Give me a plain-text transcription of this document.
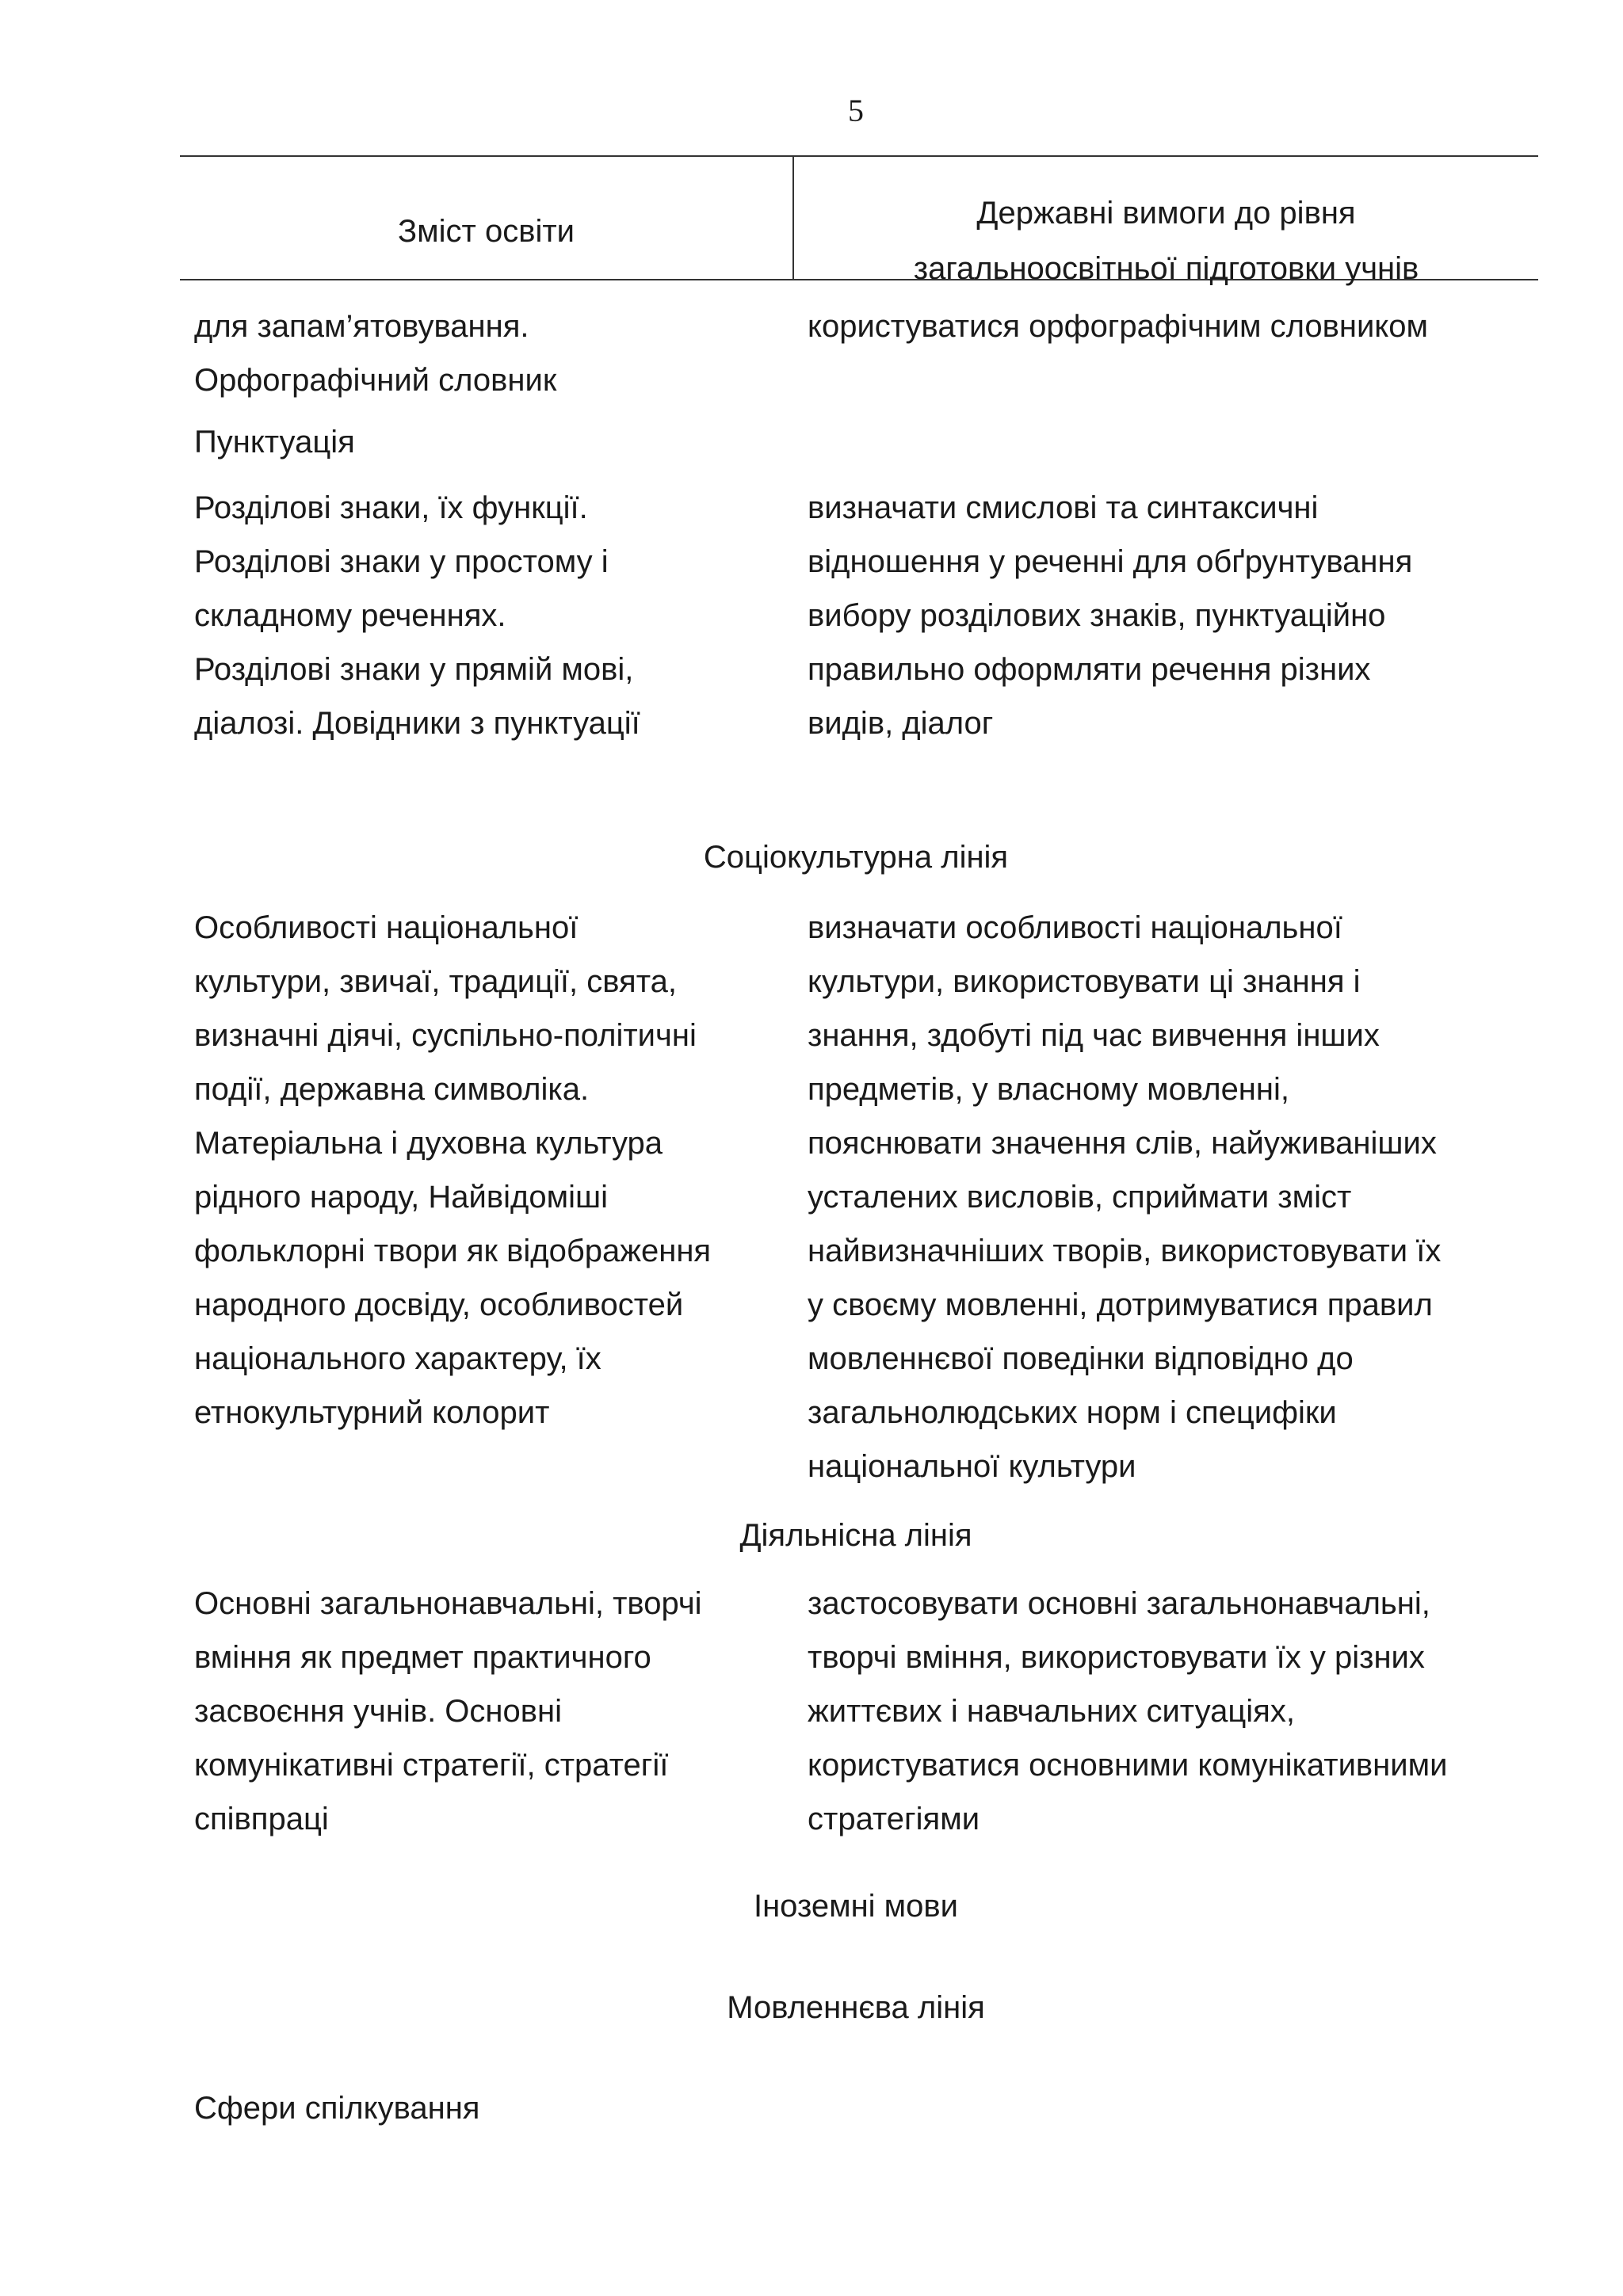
5
Зміст освіти
Державні вимоги до рівня
загальноосвітньої підготовки учнів
для запам’ятовування.
Орфографічний словник
користуватися орфографічним словником
Пунктуація
Розділові знаки, їх функції.
Розділові знаки у простому і
складному реченнях.
Розділові знаки у прямій мові,
діалозі. Довідники з пунктуації
визначати смислові та синтаксичні
відношення у реченні для обґрунтування
вибору розділових знаків, пунктуаційно
правильно оформляти речення різних
видів, діалог
Соціокультурна лінія
Особливості національної
культури, звичаї, традиції, свята,
визначні діячі, суспільно-політичні
події, державна символіка.
Матеріальна і духовна культура
рідного народу, Найвідоміші
фольклорні твори як відображення
народного досвіду, особливостей
національного характеру, їх
етнокультурний колорит
визначати особливості національної
культури, використовувати ці знання і
знання, здобуті під час вивчення інших
предметів, у власному мовленні,
пояснювати значення слів, найуживаніших
усталених висловів, сприймати зміст
найвизначніших творів, використовувати їх
у своєму мовленні, дотримуватися правил
мовленнєвої поведінки відповідно до
загальнолюдських норм і специфіки
національної культури
Діяльнісна лінія
Основні загальнонавчальні, творчі
вміння як предмет практичного
засвоєння учнів. Основні
комунікативні стратегії, стратегії
співпраці
застосовувати основні загальнонавчальні,
творчі вміння, використовувати їх у різних
життєвих і навчальних ситуаціях,
користуватися основними комунікативними
стратегіями
Іноземні мови
Мовленнєва лінія
Сфери спілкування
